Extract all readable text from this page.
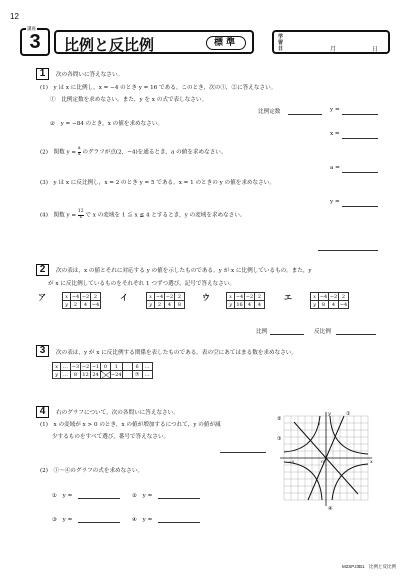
12
講座
3	比例と反比例	標準
学習日	月	日
1	次の各問いに答えなさい。
(1)　y は x に比例し，x = −4 のとき y = 16 である。このとき，次の①，②に答えなさい。
①　比例定数を求めなさい。また，y を x の式で表しなさい。
比例定数	y =
②　y = −84 のとき，x の値を求めなさい。
x =
(2)　関数 $y = \frac{a}{x}$ のグラフが点(2，−4)を通るとき，a の値を求めなさい。
a =
(3)　y は x に反比例し，x = 2 のとき y = 5 である。x = 1 のときの y の値を求めなさい。
y =
(4)　関数 $y = \frac{12}{x}$ で x の変域を 1 ≦ x ≦ 4 とするとき，y の変域を求めなさい。
2	次の表は，x の値とそれに対応する y の値を示したものである。y が x に比例しているもの，また，y
が x に反比例しているものをそれぞれ 1 つずつ選び，記号で答えなさい。
ア	x	−4	−2	2
y	2	4	−4
イ	x	−4	−2	2
y	2	4	8
ウ	x	−4	−2	2
y	16	4	4
エ	x	−4	−2	2
y	8	4	−4
比例	反比例
3	次の表は，y が x に反比例する関係を表したものである。表の空にあてはまる数を求めなさい。
x	…	−3	−2	−1	0	1		6	…
y	…	8	12	24		−24		⑦	…
4	右のグラフについて，次の各問いに答えなさい。
(1)　x の変域が x > 0 のとき，x の値が増加するにつれて，y の値が減
少するものをすべて選び，番号で答えなさい。
(2)　①～④のグラフの式を求めなさい。
①　 y =	②　 y =
③　 y =	④　 y =
y
x
O
5
−5
①
②
③
④
M2SPJ3B1　比例と反比例
